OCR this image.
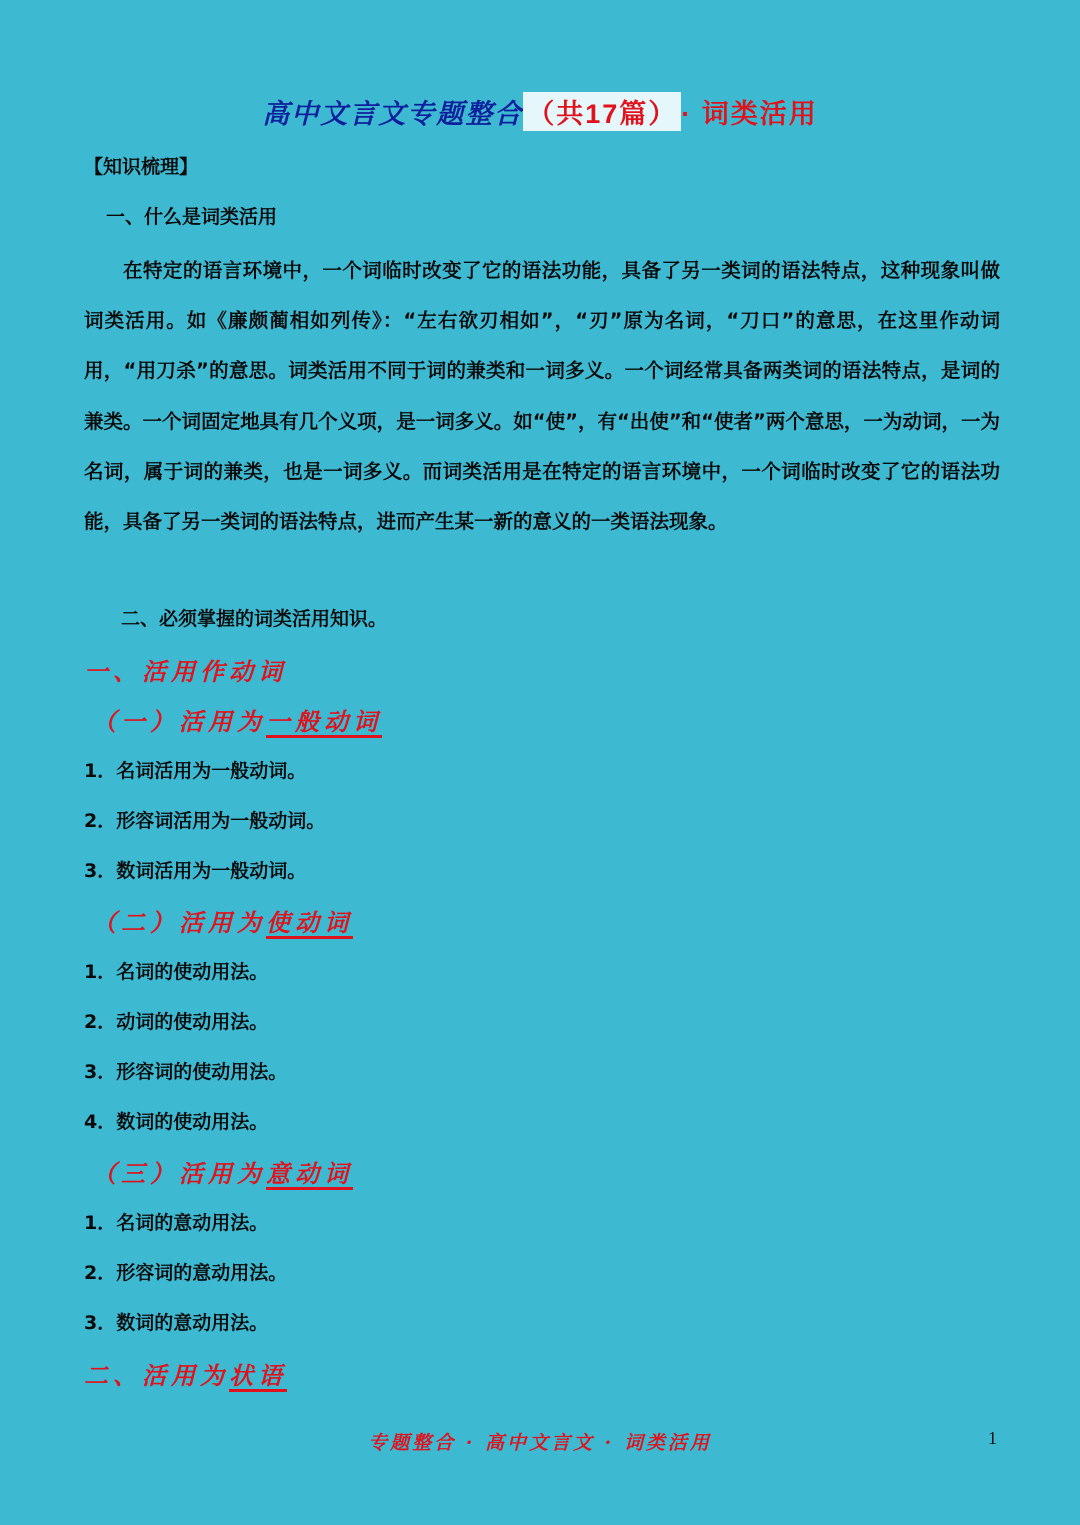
高中文言文专题整合 （共17篇） · 词类活用
【知识梳理】
一、什么是词类活用
在特定的语言环境中，一个词临时改变了它的语法功能，具备了另一类词的语法特点，这种现象叫做词类活用。如《廉颇蔺相如列传》：“左右欲刃相如”，“刃”原为名词，“刀口”的意思，在这里作动词用，“用刀杀”的意思。词类活用不同于词的兼类和一词多义。一个词经常具备两类词的语法特点，是词的兼类。一个词固定地具有几个义项，是一词多义。如“使”，有“出使”和“使者”两个意思，一为动词，一为名词，属于词的兼类，也是一词多义。而词类活用是在特定的语言环境中，一个词临时改变了它的语法功能，具备了另一类词的语法特点，进而产生某一新的意义的一类语法现象。
二、必须掌握的词类活用知识。
一、活用作动词
（一）活用为一般动词
1．名词活用为一般动词。
2．形容词活用为一般动词。
3．数词活用为一般动词。
（二）活用为使动词
1．名词的使动用法。
2．动词的使动用法。
3．形容词的使动用法。
4．数词的使动用法。
（三）活用为意动词
1．名词的意动用法。
2．形容词的意动用法。
3．数词的意动用法。
二、活用为状语
专题整合 · 高中文言文 · 词类活用	1
